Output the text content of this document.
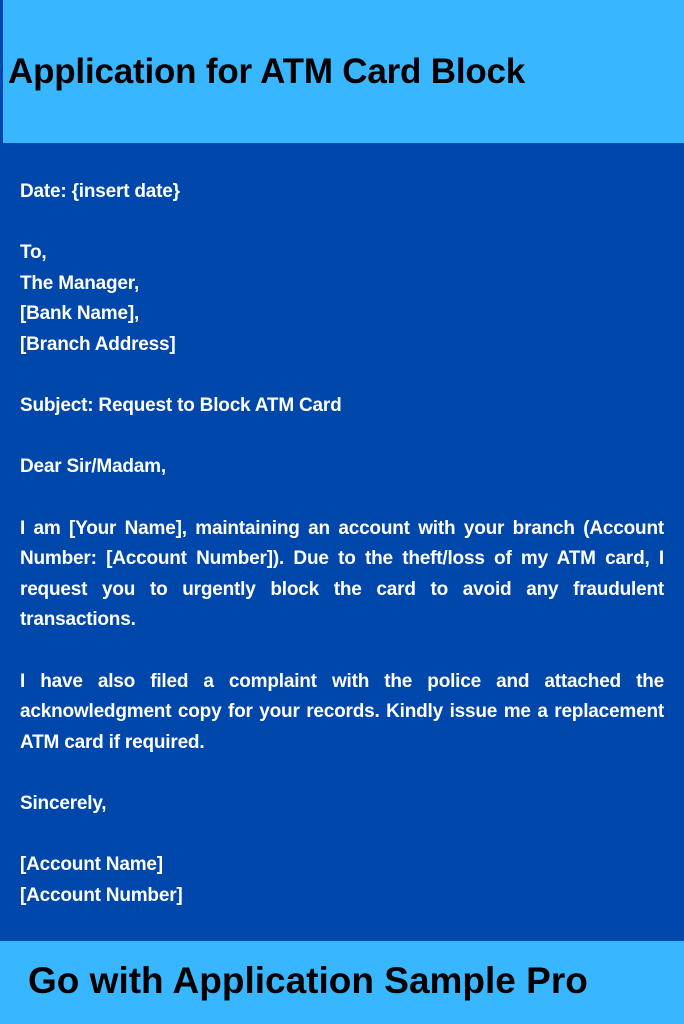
Application for ATM Card Block
Date: {insert date}
To,
The Manager,
[Bank Name],
[Branch Address]
Subject: Request to Block ATM Card
Dear Sir/Madam,
I am [Your Name], maintaining an account with your branch (Account Number: [Account Number]). Due to the theft/loss of my ATM card, I request you to urgently block the card to avoid any fraudulent transactions.
I have also filed a complaint with the police and attached the acknowledgment copy for your records. Kindly issue me a replacement ATM card if required.
Sincerely,
[Account Name]
[Account Number]

Go with Application Sample Pro
